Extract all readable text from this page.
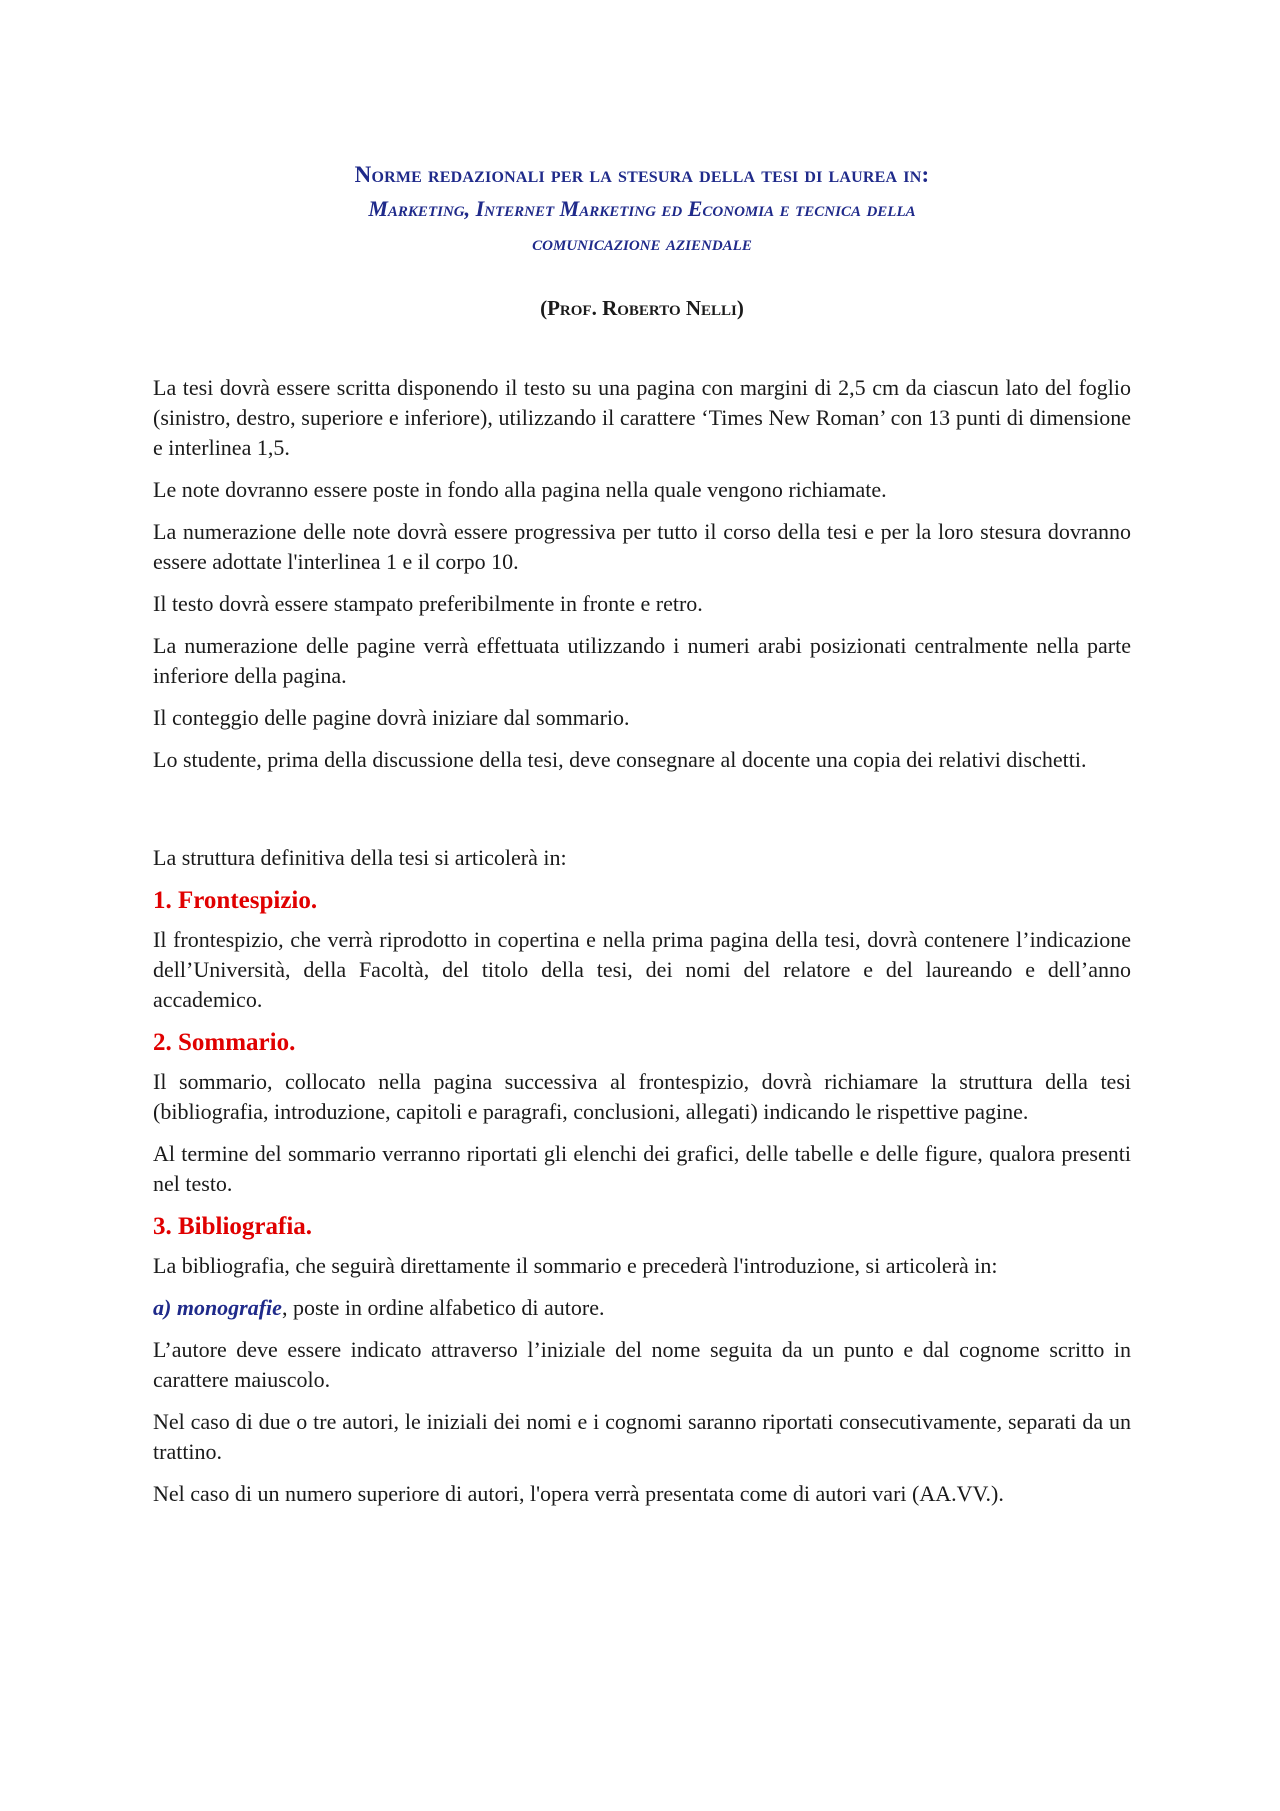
Norme redazionali per la stesura della tesi di laurea in:
Marketing, Internet Marketing ed Economia e tecnica della
comunicazione aziendale
(Prof. Roberto Nelli)

La tesi dovrà essere scritta disponendo il testo su una pagina con margini di 2,5 cm da ciascun lato del foglio (sinistro, destro, superiore e inferiore), utilizzando il carattere ‘Times New Roman’ con 13 punti di dimensione e interlinea 1,5.

Le note dovranno essere poste in fondo alla pagina nella quale vengono richiamate.

La numerazione delle note dovrà essere progressiva per tutto il corso della tesi e per la loro stesura dovranno essere adottate l'interlinea 1 e il corpo 10.

Il testo dovrà essere stampato preferibilmente in fronte e retro.

La numerazione delle pagine verrà effettuata utilizzando i numeri arabi posizionati centralmente nella parte inferiore della pagina.

Il conteggio delle pagine dovrà iniziare dal sommario.

Lo studente, prima della discussione della tesi, deve consegnare al docente una copia dei relativi dischetti.

La struttura definitiva della tesi si articolerà in:

1. Frontespizio.

Il frontespizio, che verrà riprodotto in copertina e nella prima pagina della tesi, dovrà contenere l’indicazione dell’Università, della Facoltà, del titolo della tesi, dei nomi del relatore e del laureando e dell’anno accademico.

2. Sommario.

Il sommario, collocato nella pagina successiva al frontespizio, dovrà richiamare la struttura della tesi (bibliografia, introduzione, capitoli e paragrafi, conclusioni, allegati) indicando le rispettive pagine.

Al termine del sommario verranno riportati gli elenchi dei grafici, delle tabelle e delle figure, qualora presenti nel testo.

3. Bibliografia.

La bibliografia, che seguirà direttamente il sommario e precederà l'introduzione, si articolerà in:

a) monografie, poste in ordine alfabetico di autore.

L’autore deve essere indicato attraverso l’iniziale del nome seguita da un punto e dal cognome scritto in carattere maiuscolo.

Nel caso di due o tre autori, le iniziali dei nomi e i cognomi saranno riportati consecutivamente, separati da un trattino.

Nel caso di un numero superiore di autori, l'opera verrà presentata come di autori vari (AA.VV.).
